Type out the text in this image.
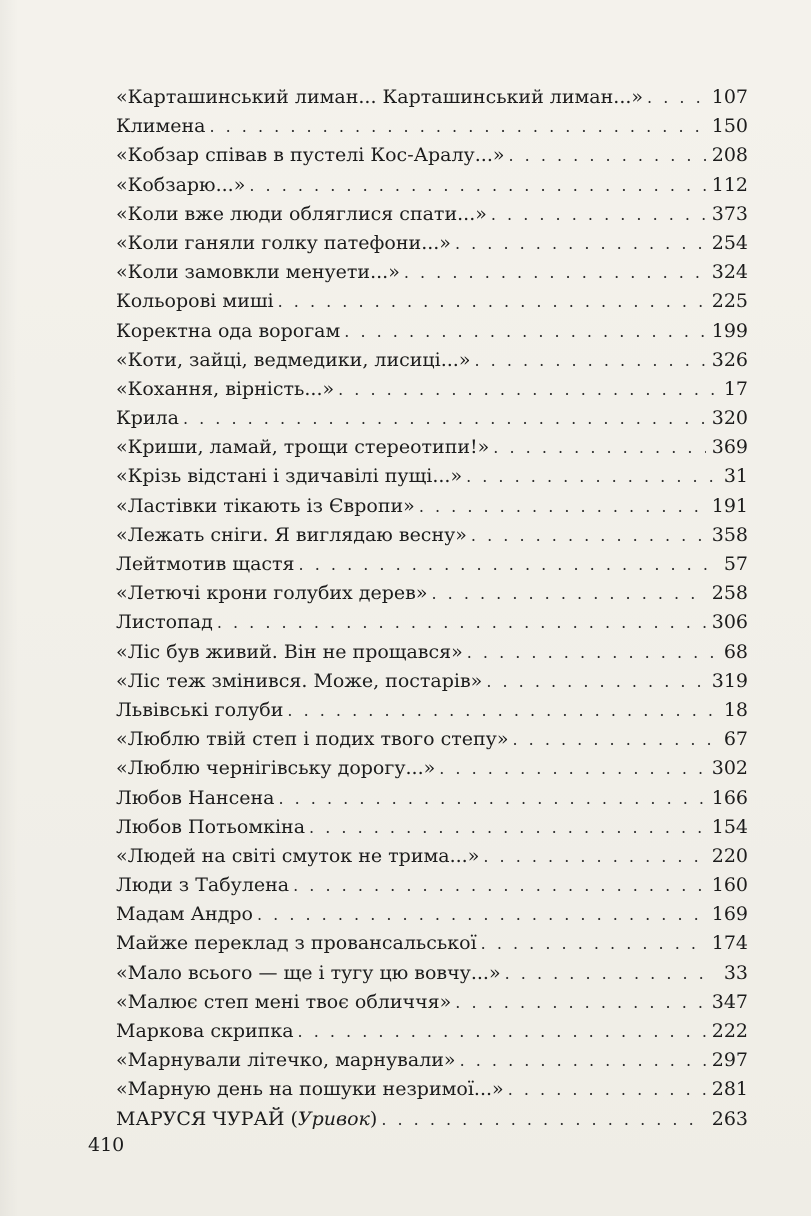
«Карташинський лиман... Карташинський лиман...» . . .	107
Климена . . .	150
«Кобзар співав в пустелі Кос-Аралу...» . . .	208
«Кобзарю...» . . .	112
«Коли вже люди обляглися спати...» . . .	373
«Коли ганяли голку патефони...» . . .	254
«Коли замовкли менуети...» . . .	324
Кольорові миші . . .	225
Коректна ода ворогам . . .	199
«Коти, зайці, ведмедики, лисиці...» . . .	326
«Кохання, вірність...» . . .	17
Крила . . .	320
«Криши, ламай, трощи стереотипи!» . . .	369
«Крізь відстані і здичавілі пущі...» . . .	31
«Ластівки тікають із Європи» . . .	191
«Лежать сніги. Я виглядаю весну» . . .	358
Лейтмотив щастя . . .	57
«Летючі крони голубих дерев» . . .	258
Листопад . . .	306
«Ліс був живий. Він не прощався» . . .	68
«Ліс теж змінився. Може, постарів» . . .	319
Львівські голуби . . .	18
«Люблю твій степ і подих твого степу» . . .	67
«Люблю чернігівську дорогу...» . . .	302
Любов Нансена . . .	166
Любов Потьомкіна . . .	154
«Людей на світі смуток не трима...» . . .	220
Люди з Табулена . . .	160
Мадам Андро . . .	169
Майже переклад з провансальської . . .	174
«Мало всього — ще і тугу цю вовчу...» . . .	33
«Малює степ мені твоє обличчя» . . .	347
Маркова скрипка . . .	222
«Марнували літечко, марнували» . . .	297
«Марную день на пошуки незримої...» . . .	281
МАРУСЯ ЧУРАЙ (Уривок) . . .	263
410
